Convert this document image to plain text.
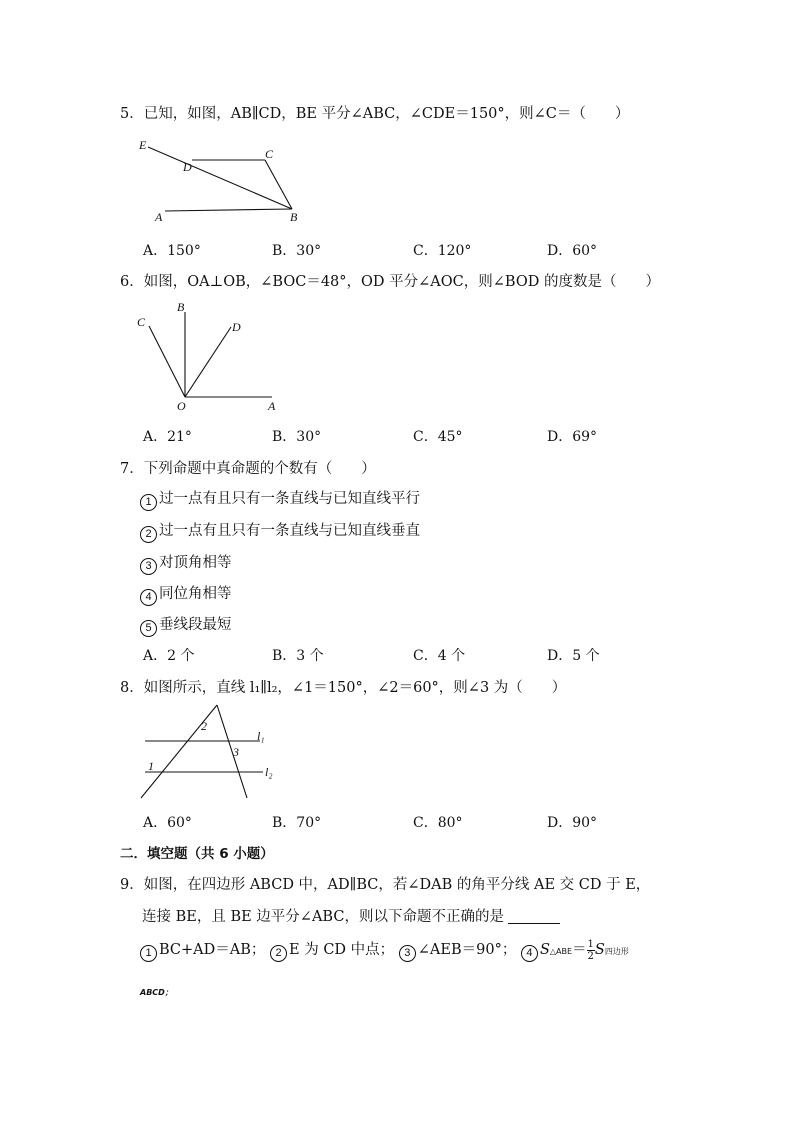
5．已知，如图，AB∥CD，BE 平分∠ABC，∠CDE＝150°，则∠C＝（　　）
E
D
C
A	B
A．150°	B．30°	C．120°	D．60°
6．如图，OA⊥OB，∠BOC＝48°，OD 平分∠AOC，则∠BOD 的度数是（　　）
B
C	D
O	A
A．21°	B．30°	C．45°	D．69°
7．下列命题中真命题的个数有（　　）
1 过一点有且只有一条直线与已知直线平行
2 过一点有且只有一条直线与已知直线垂直
3 对顶角相等
4 同位角相等
5 垂线段最短
A．2 个	B．3 个	C．4 个	D．5 个
8．如图所示，直线 l₁∥l₂，∠1＝150°，∠2＝60°，则∠3 为（　　）
2
3
1
l₁
l₂
A．60°	B．70°	C．80°	D．90°
二．填空题（共 6 小题）
9．如图，在四边形 ABCD 中，AD∥BC，若∠DAB 的角平分线 AE 交 CD 于 E，
连接 BE，且 BE 边平分∠ABC，则以下命题不正确的是
1 BC+AD＝AB； 2 E 为 CD 中点； 3 ∠AEB＝90°； 4 S△ABE＝ $\frac{1}{2}$ S四边形
ABCD；
